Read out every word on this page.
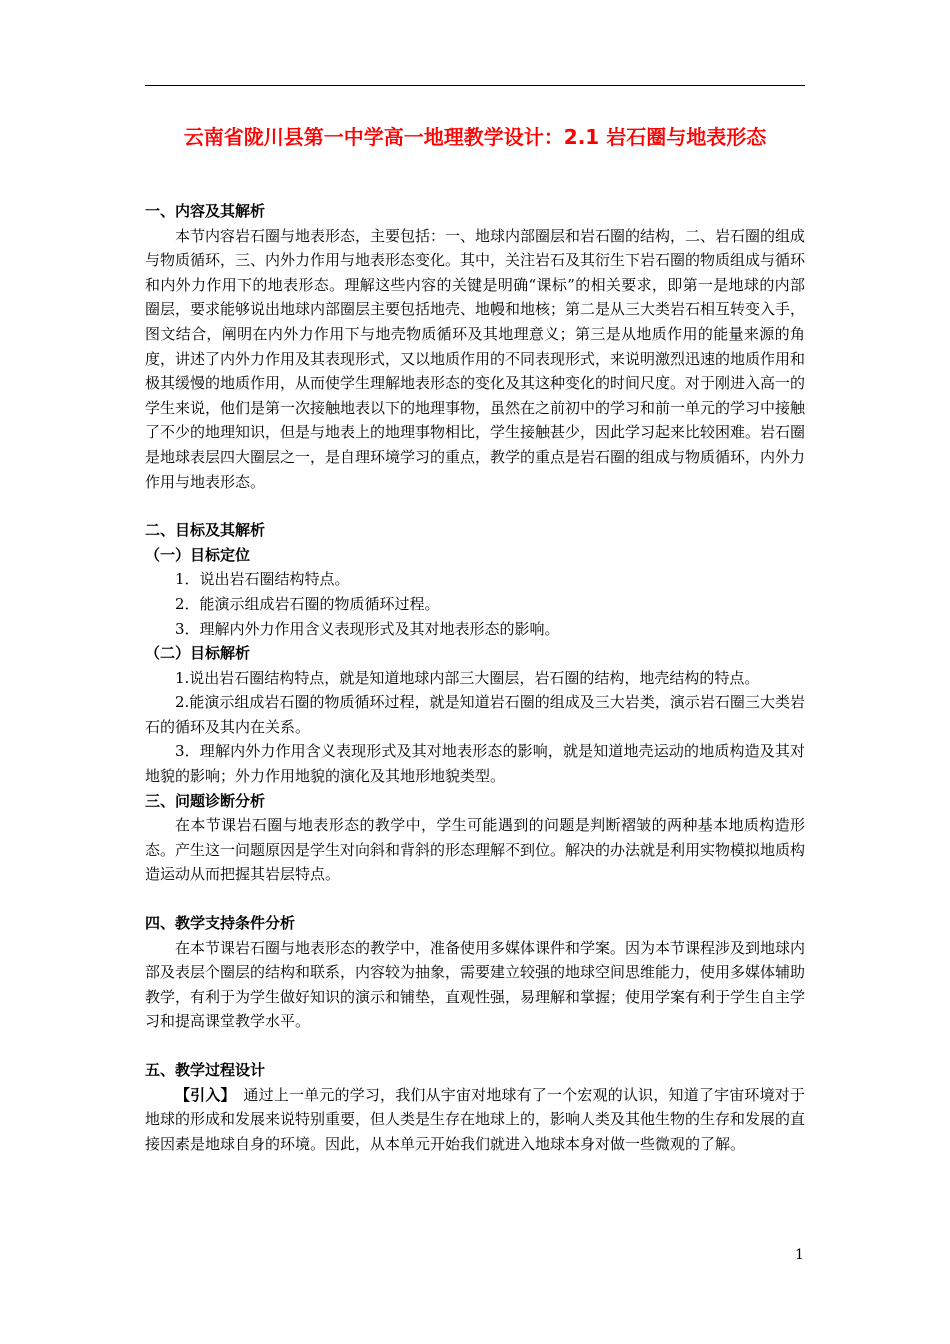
云南省陇川县第一中学高一地理教学设计：2.1 岩石圈与地表形态

一、内容及其解析

本节内容岩石圈与地表形态，主要包括：一、地球内部圈层和岩石圈的结构，二、岩石圈的组成与物质循环，三、内外力作用与地表形态变化。其中，关注岩石及其衍生下岩石圈的物质组成与循环和内外力作用下的地表形态。理解这些内容的关键是明确“课标”的相关要求，即第一是地球的内部圈层，要求能够说出地球内部圈层主要包括地壳、地幔和地核；第二是从三大类岩石相互转变入手，图文结合，阐明在内外力作用下与地壳物质循环及其地理意义；第三是从地质作用的能量来源的角度，讲述了内外力作用及其表现形式，又以地质作用的不同表现形式，来说明激烈迅速的地质作用和极其缓慢的地质作用，从而使学生理解地表形态的变化及其这种变化的时间尺度。对于刚进入高一的学生来说，他们是第一次接触地表以下的地理事物，虽然在之前初中的学习和前一单元的学习中接触了不少的地理知识，但是与地表上的地理事物相比，学生接触甚少，因此学习起来比较困难。岩石圈是地球表层四大圈层之一，是自理环境学习的重点，教学的重点是岩石圈的组成与物质循环，内外力作用与地表形态。

二、目标及其解析

（一）目标定位

1．说出岩石圈结构特点。

2．能演示组成岩石圈的物质循环过程。

3．理解内外力作用含义表现形式及其对地表形态的影响。

（二）目标解析

1.说出岩石圈结构特点，就是知道地球内部三大圈层，岩石圈的结构，地壳结构的特点。

2.能演示组成岩石圈的物质循环过程，就是知道岩石圈的组成及三大岩类，演示岩石圈三大类岩石的循环及其内在关系。

3．理解内外力作用含义表现形式及其对地表形态的影响，就是知道地壳运动的地质构造及其对地貌的影响；外力作用地貌的演化及其地形地貌类型。

三、问题诊断分析

在本节课岩石圈与地表形态的教学中，学生可能遇到的问题是判断褶皱的两种基本地质构造形态。产生这一问题原因是学生对向斜和背斜的形态理解不到位。解决的办法就是利用实物模拟地质构造运动从而把握其岩层特点。

四、教学支持条件分析

在本节课岩石圈与地表形态的教学中，准备使用多媒体课件和学案。因为本节课程涉及到地球内部及表层个圈层的结构和联系，内容较为抽象，需要建立较强的地球空间思维能力，使用多媒体辅助教学，有利于为学生做好知识的演示和铺垫，直观性强，易理解和掌握；使用学案有利于学生自主学习和提高课堂教学水平。

五、教学过程设计

【引入】  通过上一单元的学习，我们从宇宙对地球有了一个宏观的认识，知道了宇宙环境对于地球的形成和发展来说特别重要，但人类是生存在地球上的，影响人类及其他生物的生存和发展的直接因素是地球自身的环境。因此，从本单元开始我们就进入地球本身对做一些微观的了解。

1
